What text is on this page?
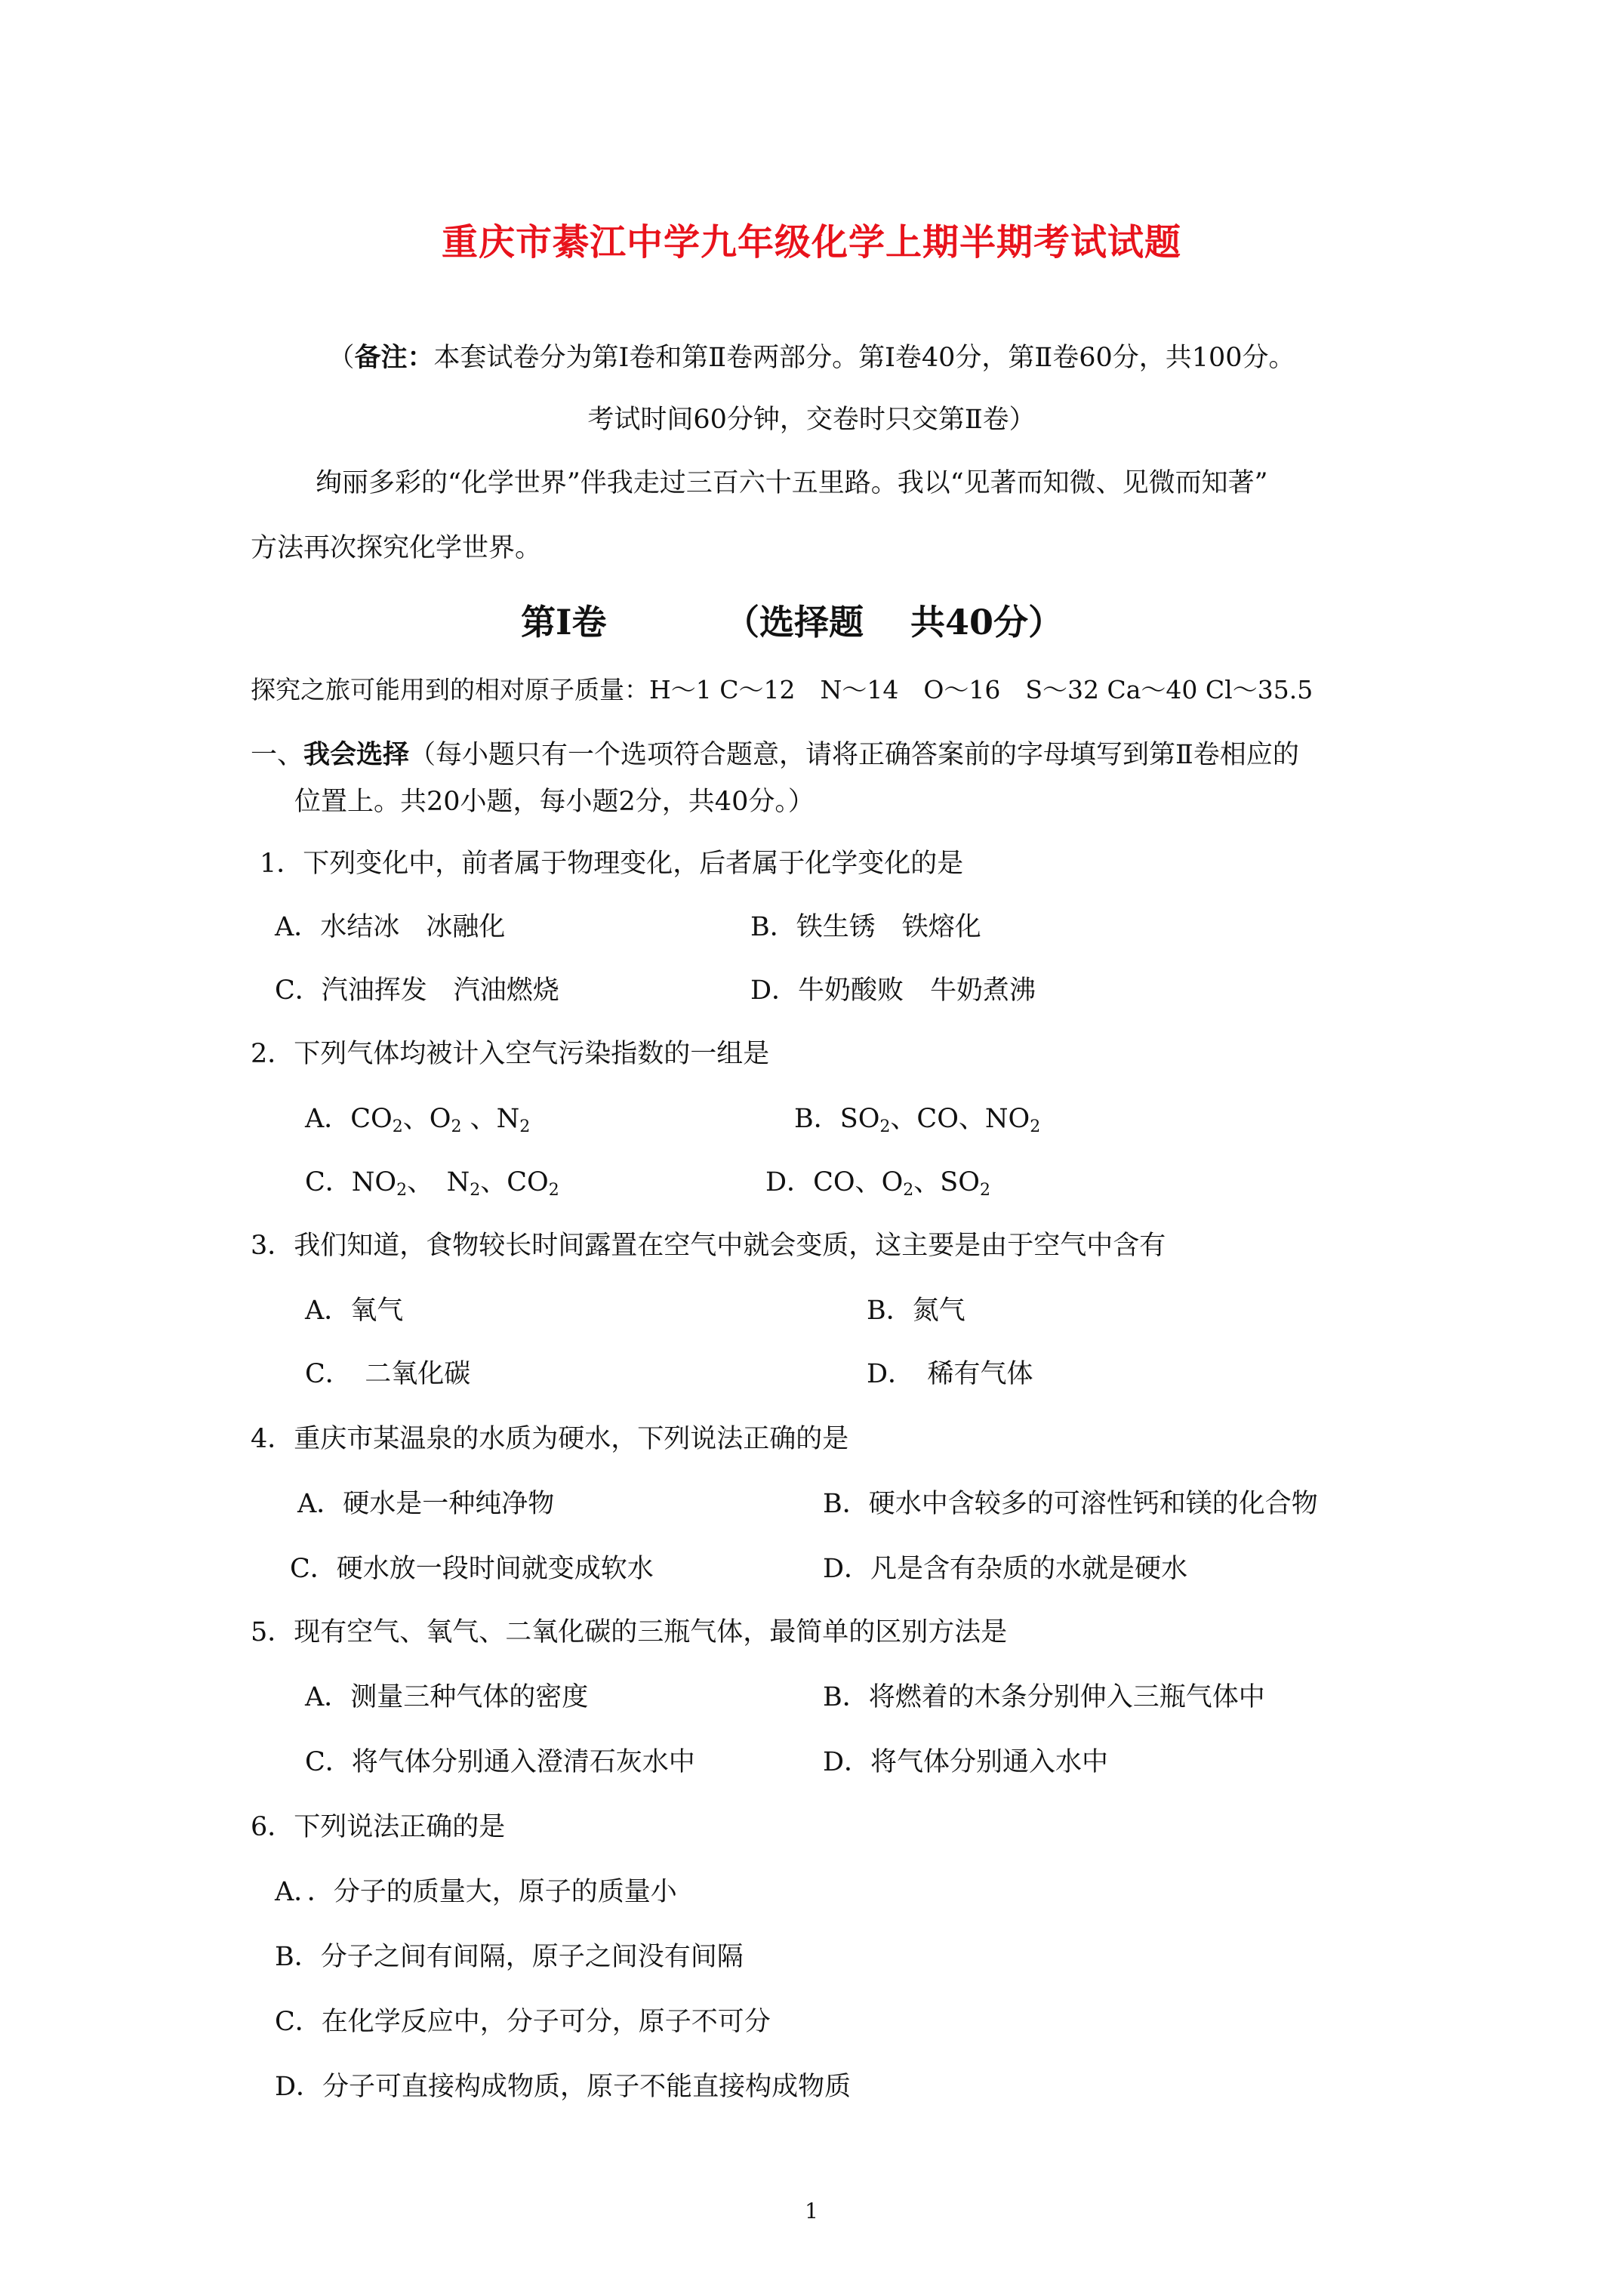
重庆市綦江中学九年级化学上期半期考试试题
（备注：本套试卷分为第Ⅰ卷和第Ⅱ卷两部分。第Ⅰ卷40分，第Ⅱ卷60分，共100分。
考试时间60分钟，交卷时只交第Ⅱ卷）
绚丽多彩的“化学世界”伴我走过三百六十五里路。我以“见著而知微、见微而知著”
方法再次探究化学世界。
第Ⅰ卷	（选择题　 共40分）
探究之旅可能用到的相对原子质量：H～1 C～12　N～14　O～16　S～32 Ca～40 Cl～35.5
一、我会选择（每小题只有一个选项符合题意，请将正确答案前的字母填写到第Ⅱ卷相应的
位置上。共20小题，每小题2分，共40分。）
1．下列变化中，前者属于物理变化，后者属于化学变化的是
A．水结冰　冰融化	B．铁生锈　铁熔化
C．汽油挥发　汽油燃烧	D．牛奶酸败　牛奶煮沸
2．下列气体均被计入空气污染指数的一组是
A．$CO_2$、$O_2$ 、$N_2$	B．$SO_2$、CO、$NO_2$
C．$NO_2$、　$N_2$、$CO_2$	D．CO、$O_2$、$SO_2$
3．我们知道，食物较长时间露置在空气中就会变质，这主要是由于空气中含有
A．氧气	B．氮气
C．　二氧化碳	D．　稀有气体
4．重庆市某温泉的水质为硬水，下列说法正确的是
A．硬水是一种纯净物	B．硬水中含较多的可溶性钙和镁的化合物
C．硬水放一段时间就变成软水	D．凡是含有杂质的水就是硬水
5．现有空气、氧气、二氧化碳的三瓶气体，最简单的区别方法是
A．测量三种气体的密度	B．将燃着的木条分别伸入三瓶气体中
C．将气体分别通入澄清石灰水中	D．将气体分别通入水中
6．下列说法正确的是
A．．分子的质量大，原子的质量小
B．分子之间有间隔，原子之间没有间隔
C．在化学反应中，分子可分，原子不可分
D．分子可直接构成物质，原子不能直接构成物质
1
